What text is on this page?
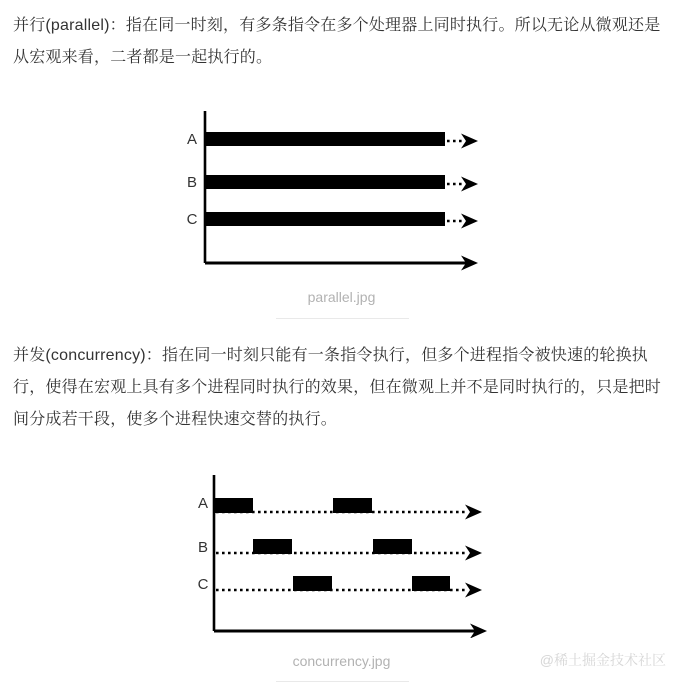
并行(parallel)：指在同一时刻，有多条指令在多个处理器上同时执行。所以无论从微观还是从宏观来看，二者都是一起执行的。

A
B
C
parallel.jpg

并发(concurrency)：指在同一时刻只能有一条指令执行，但多个进程指令被快速的轮换执行，使得在宏观上具有多个进程同时执行的效果，但在微观上并不是同时执行的，只是把时间分成若干段，使多个进程快速交替的执行。

A
B
C
concurrency.jpg	@稀土掘金技术社区
